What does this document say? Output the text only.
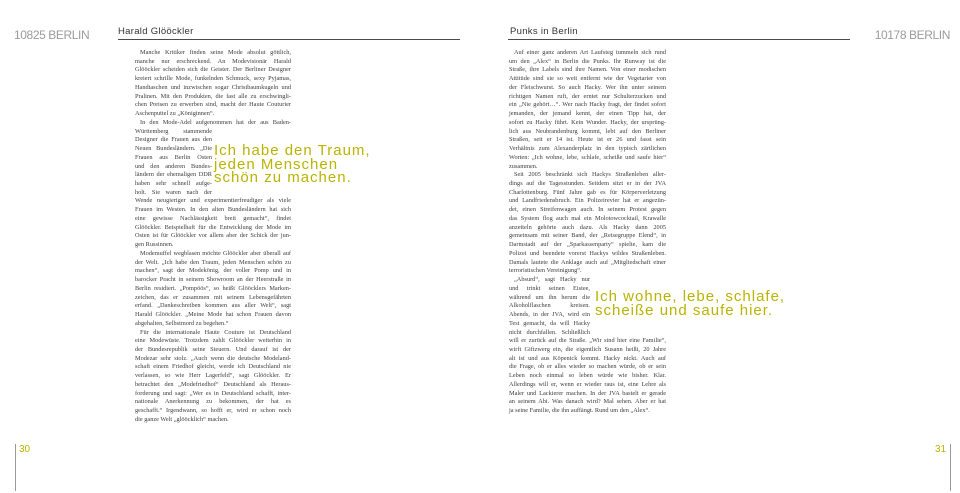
10825 BERLIN	Harald Glööckler
Manche Kritiker finden seine Mode absolut göttlich,
manche nur erschreckend. An Modevisionär Harald
Glööckler scheiden sich die Geister. Der Berliner Designer
kreiert schrille Mode, funkelnden Schmuck, sexy Pyjamas,
Handtaschen und inzwischen sogar Christbaumkugeln und
Pralinen. Mit den Produkten, die fast alle zu erschwingli-
chen Preisen zu erwerben sind, macht der Haute Couturier
Aschenputtel zu „Königinnen“.
In den Mode-Adel aufgenommen hat der aus Baden-
Württemberg stammende
Designer die Frauen aus den
Neuen Bundesländern. „Die
Frauen aus Berlin Osten
und den anderen Bundes-
ländern der ehemaligen DDR
haben sehr schnell aufge-
holt. Sie waren nach der
Wende neugieriger und experimentierfreudiger als viele
Frauen im Westen. In den alten Bundesländern hat sich
eine gewisse Nachlässigkeit breit gemacht“, findet
Glööckler. Beispielhaft für die Entwicklung der Mode im
Osten ist für Glööckler vor allem aber der Schick der jun-
gen Russinnen.
Modemuffel wegblasen möchte Glööckler aber überall auf
der Welt. „Ich habe den Traum, jeden Menschen schön zu
machen“, sagt der Modekönig, der voller Pomp und in
barocker Pracht in seinem Showroom an der Heerstraße in
Berlin residiert. „Pompöös“, so heißt Glööcklers Marken-
zeichen, das er zusammen mit seinem Lebensgefährten
erfand. „Dankeschreiben kommen aus aller Welt“, sagt
Harald Glööckler. „Meine Mode hat schon Frauen davon
abgehalten, Selbstmord zu begehen.“
Für die internationale Haute Couture ist Deutschland
eine Modewüste. Trotzdem zahlt Glööckler weiterhin in
der Bundesrepublik seine Steuern. Und darauf ist der
Modezar sehr stolz. „Auch wenn die deutsche Modeland-
schaft einem Friedhof gleicht, werde ich Deutschland nie
verlassen, so wie Herr Lagerfeld“, sagt Glööckler. Er
betrachtet den „Modefriedhof“ Deutschland als Heraus-
forderung und sagt: „Wer es in Deutschland schafft, inter-
nationale Anerkennung zu bekommen, der hat es
geschafft.“ Irgendwann, so hofft er, wird er schon noch
die ganze Welt „glööcklich“ machen.
Ich habe den Traum,
jeden Menschen
schön zu machen.
30
10178 BERLIN
Punks in Berlin
Auf einer ganz anderen Art Laufsteg tummeln sich rund
um den „Alex“ in Berlin die Punks. Ihr Runway ist die
Straße, ihre Labels sind ihre Namen. Von einer modischen
Attitüde sind sie so weit entfernt wie der Vegetarier von
der Fleischwurst. So auch Hacky. Wer ihn unter seinem
richtigen Namen ruft, der erntet nur Schulterzucken und
ein „Nie gehört…“. Wer nach Hacky fragt, der findet sofort
jemanden, der jemand kennt, der einen Tipp hat, der
sofort zu Hacky führt. Kein Wunder. Hacky, der ursprüng-
lich aus Neubrandenburg kommt, lebt auf den Berliner
Straßen, seit er 14 ist. Heute ist er 26 und fasst sein
Verhältnis zum Alexanderplatz in den typisch zärtlichen
Worten: „Ich wohne, lebe, schlafe, scheiße und saufe hier“
zusammen.
Seit 2005 beschränkt sich Hackys Straßenleben aller-
dings auf die Tagesstunden. Seitdem sitzt er in der JVA
Charlottenburg. Fünf Jahre gab es für Körperverletzung
und Landfriedensbruch. Ein Polizeirevier hat er angezün-
det, einen Streifenwagen auch. In seinem Protest gegen
das System flog auch mal ein Molotowcocktail, Krawalle
anzetteln gehörte auch dazu. Als Hacky dann 2005
gemeinsam mit seiner Band, der „Reisegruppe Elend“, in
Darmstadt auf der „Sparkassenparty“ spielte, kam die
Polizei und beendete vorerst Hackys wildes Straßenleben.
Damals lautete die Anklage auch auf „Mitgliedschaft einer
terroristischen Vereinigung“.
„Absurd“, sagt Hacky nur
und trinkt seinen Eistee,
während um ihn herum die
Alkoholflaschen kreisen.
Abends, in der JVA, wird ein
Test gemacht, da will Hacky
nicht durchfallen. Schließlich
will er zurück auf die Straße. „Wir sind hier eine Familie“,
wirft Giftzwerg ein, die eigentlich Susann heißt, 20 Jahre
alt ist und aus Köpenick kommt. Hacky nickt. Auch auf
die Frage, ob er alles wieder so machen würde, ob er sein
Leben noch einmal so leben würde wie bisher. Klar.
Allerdings will er, wenn er wieder raus ist, eine Lehre als
Maler und Lackierer machen. In der JVA bastelt er gerade
an seinem Abi. Was danach wird? Mal sehen. Aber er hat
ja seine Familie, die ihn auffängt. Rund um den „Alex“.
Ich wohne, lebe, schlafe,
scheiße und saufe hier.
31
